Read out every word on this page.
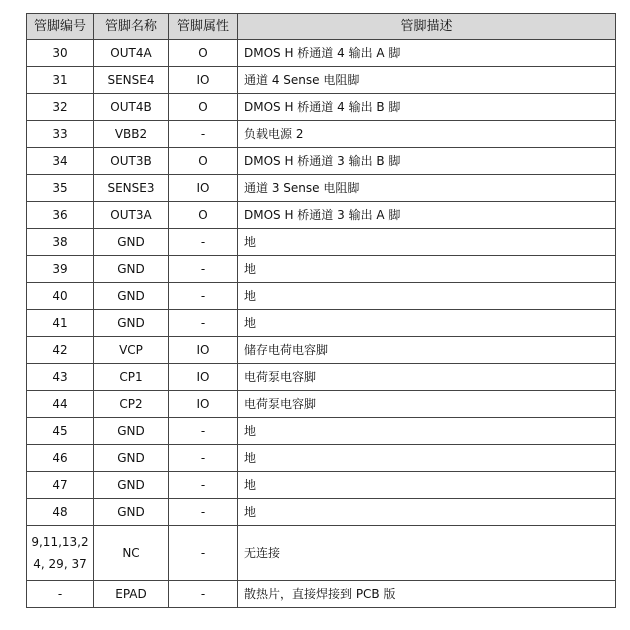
管脚编号	管脚名称	管脚属性	管脚描述
30	OUT4A	O	DMOS H 桥通道 4 输出 A 脚
31	SENSE4	IO	通道 4 Sense 电阻脚
32	OUT4B	O	DMOS H 桥通道 4 输出 B 脚
33	VBB2	-	负载电源 2
34	OUT3B	O	DMOS H 桥通道 3 输出 B 脚
35	SENSE3	IO	通道 3 Sense 电阻脚
36	OUT3A	O	DMOS H 桥通道 3 输出 A 脚
38	GND	-	地
39	GND	-	地
40	GND	-	地
41	GND	-	地
42	VCP	IO	储存电荷电容脚
43	CP1	IO	电荷泵电容脚
44	CP2	IO	电荷泵电容脚
45	GND	-	地
46	GND	-	地
47	GND	-	地
48	GND	-	地
9,11,13,24, 29, 37	NC	-	无连接
-	EPAD	-	散热片，直接焊接到 PCB 版
